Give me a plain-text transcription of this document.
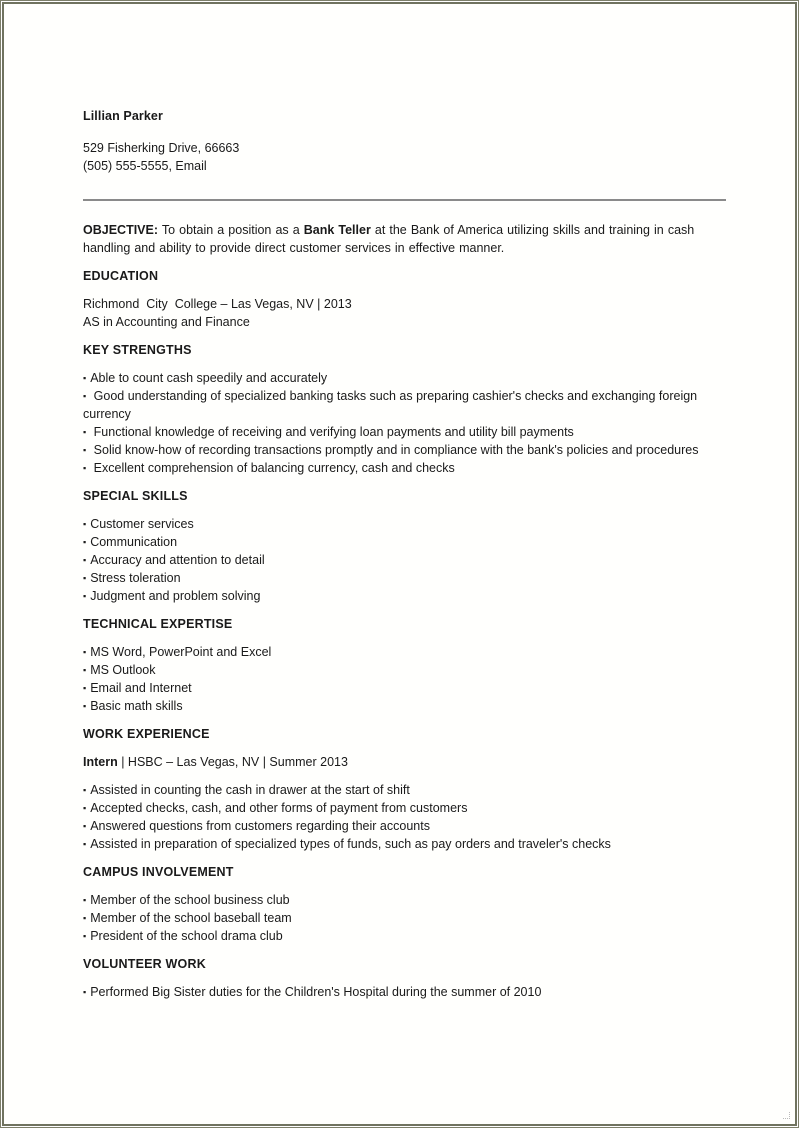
Lillian Parker
529 Fisherking Drive, 66663
(505) 555-5555, Email

OBJECTIVE: To obtain a position as a Bank Teller at the Bank of America utilizing skills and training in cash handling and ability to provide direct customer services in effective manner.

EDUCATION
Richmond  City  College – Las Vegas, NV | 2013
AS in Accounting and Finance
KEY STRENGTHS
▪ Able to count cash speedily and accurately
▪ Good understanding of specialized banking tasks such as preparing cashier's checks and exchanging foreign currency
▪ Functional knowledge of receiving and verifying loan payments and utility bill payments
▪ Solid know-how of recording transactions promptly and in compliance with the bank's policies and procedures
▪ Excellent comprehension of balancing currency, cash and checks
SPECIAL SKILLS
▪ Customer services
▪ Communication
▪ Accuracy and attention to detail
▪ Stress toleration
▪ Judgment and problem solving
TECHNICAL EXPERTISE
▪ MS Word, PowerPoint and Excel
▪ MS Outlook
▪ Email and Internet
▪ Basic math skills
WORK EXPERIENCE
Intern | HSBC – Las Vegas, NV | Summer 2013
▪ Assisted in counting the cash in drawer at the start of shift
▪ Accepted checks, cash, and other forms of payment from customers
▪ Answered questions from customers regarding their accounts
▪ Assisted in preparation of specialized types of funds, such as pay orders and traveler's checks
CAMPUS INVOLVEMENT
▪ Member of the school business club
▪ Member of the school baseball team
▪ President of the school drama club
VOLUNTEER WORK
▪ Performed Big Sister duties for the Children's Hospital during the summer of 2010
